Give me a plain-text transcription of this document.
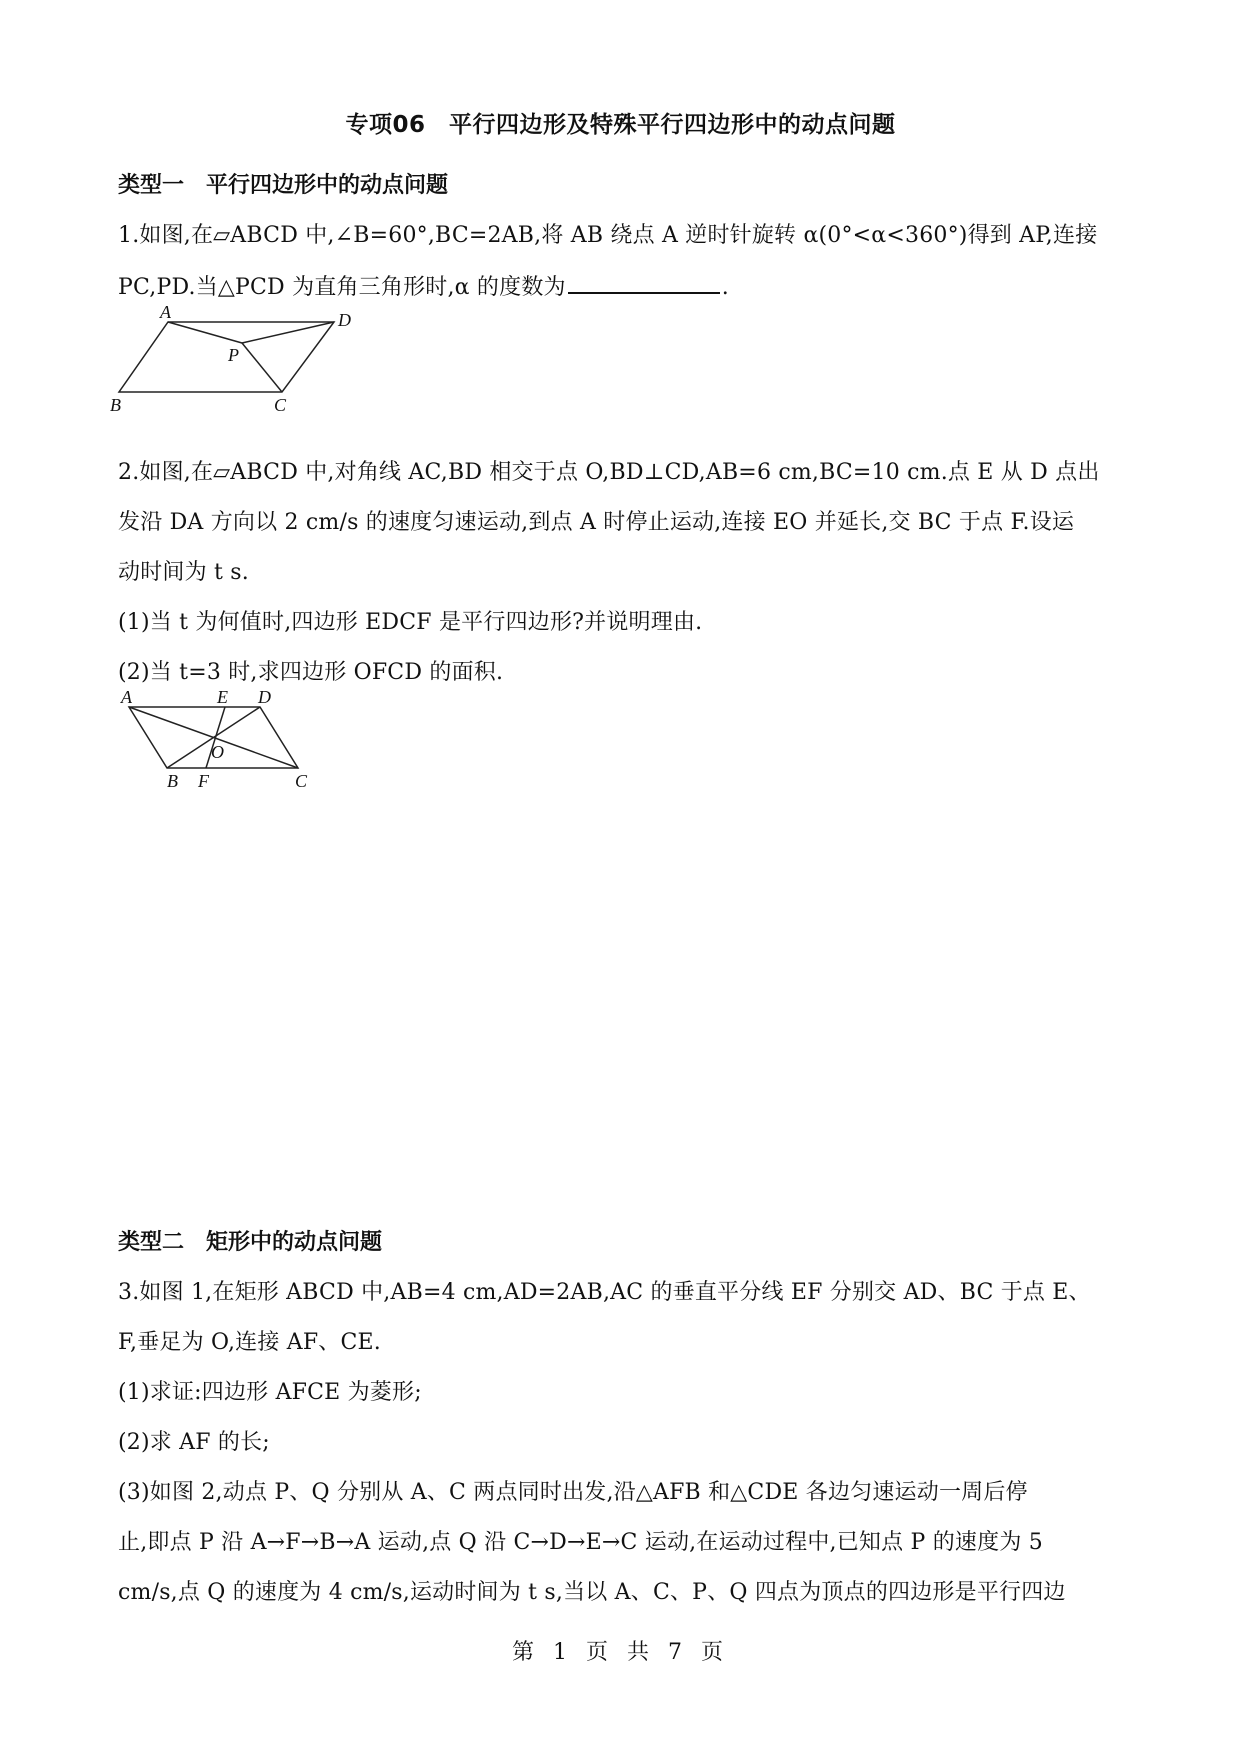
专项06　平行四边形及特殊平行四边形中的动点问题
类型一　平行四边形中的动点问题
1.如图,在▱ABCD 中,∠B=60°,BC=2AB,将 AB 绕点 A 逆时针旋转 α(0°<α<360°)得到 AP,连接
PC,PD.当△PCD 为直角三角形时,α 的度数为	.
A	D
P
B	C
2.如图,在▱ABCD 中,对角线 AC,BD 相交于点 O,BD⊥CD,AB=6 cm,BC=10 cm.点 E 从 D 点出
发沿 DA 方向以 2 cm/s 的速度匀速运动,到点 A 时停止运动,连接 EO 并延长,交 BC 于点 F.设运
动时间为 t s.
(1)当 t 为何值时,四边形 EDCF 是平行四边形?并说明理由.
(2)当 t=3 时,求四边形 OFCD 的面积.
A	E D
O
B F	C
类型二　矩形中的动点问题
3.如图 1,在矩形 ABCD 中,AB=4 cm,AD=2AB,AC 的垂直平分线 EF 分别交 AD、BC 于点 E、
F,垂足为 O,连接 AF、CE.
(1)求证:四边形 AFCE 为菱形;
(2)求 AF 的长;
(3)如图 2,动点 P、Q 分别从 A、C 两点同时出发,沿△AFB 和△CDE 各边匀速运动一周后停
止,即点 P 沿 A→F→B→A 运动,点 Q 沿 C→D→E→C 运动,在运动过程中,已知点 P 的速度为 5
cm/s,点 Q 的速度为 4 cm/s,运动时间为 t s,当以 A、C、P、Q 四点为顶点的四边形是平行四边
第 1 页 共 7 页
